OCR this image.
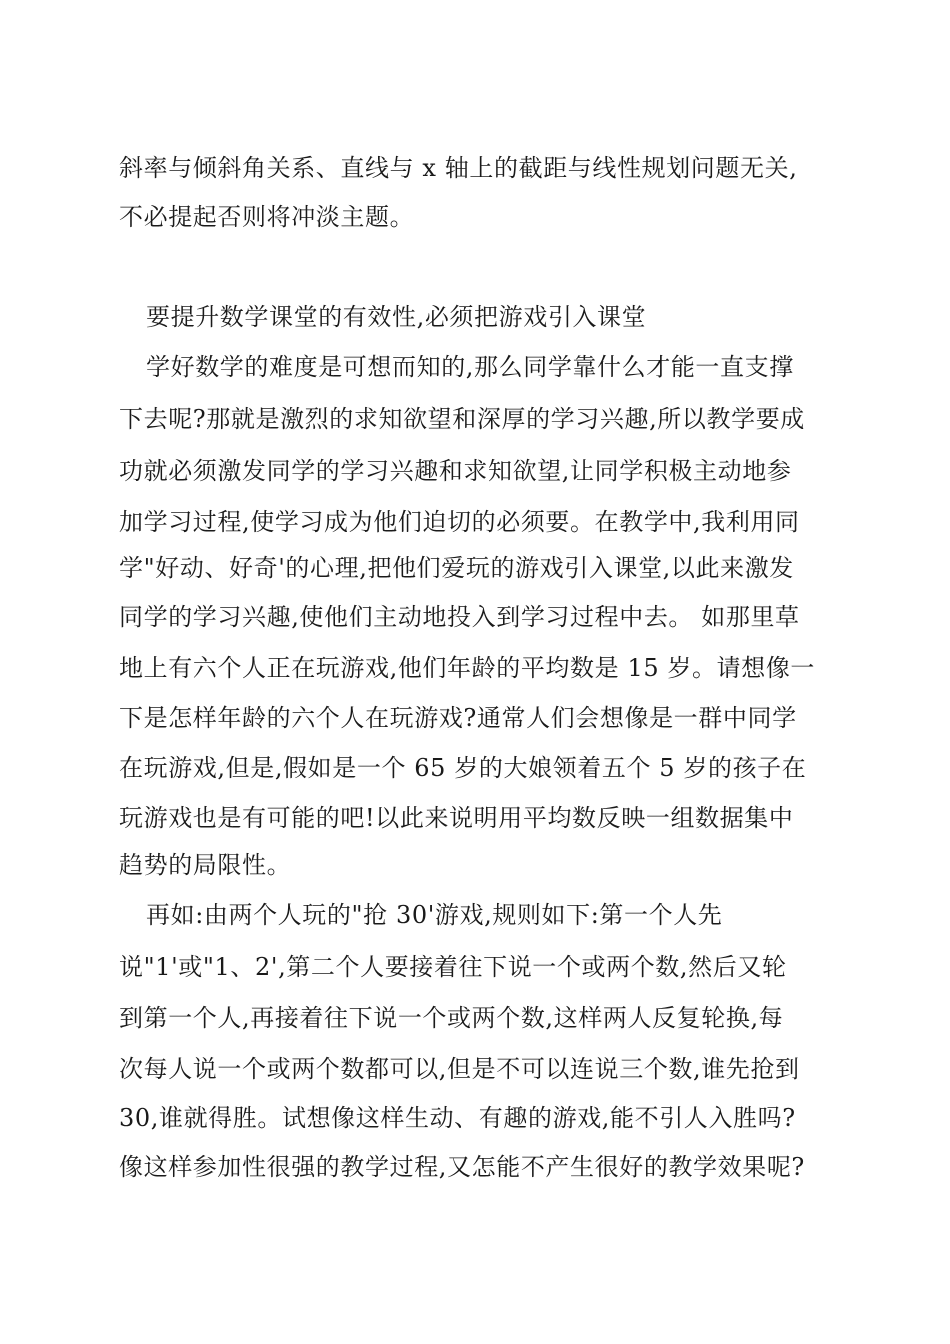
斜率与倾斜角关系、直线与 x 轴上的截距与线性规划问题无关,
不必提起否则将冲淡主题。
要提升数学课堂的有效性,必须把游戏引入课堂
学好数学的难度是可想而知的,那么同学靠什么才能一直支撑
下去呢?那就是激烈的求知欲望和深厚的学习兴趣,所以教学要成
功就必须激发同学的学习兴趣和求知欲望,让同学积极主动地参
加学习过程,使学习成为他们迫切的必须要。在教学中,我利用同
学"好动、好奇'的心理,把他们爱玩的游戏引入课堂,以此来激发
同学的学习兴趣,使他们主动地投入到学习过程中去。 如那里草
地上有六个人正在玩游戏,他们年龄的平均数是 15 岁。请想像一
下是怎样年龄的六个人在玩游戏?通常人们会想像是一群中同学
在玩游戏,但是,假如是一个 65 岁的大娘领着五个 5 岁的孩子在
玩游戏也是有可能的吧!以此来说明用平均数反映一组数据集中
趋势的局限性。
再如:由两个人玩的"抢 30'游戏,规则如下:第一个人先
说"1'或"1、2',第二个人要接着往下说一个或两个数,然后又轮
到第一个人,再接着往下说一个或两个数,这样两人反复轮换,每
次每人说一个或两个数都可以,但是不可以连说三个数,谁先抢到
30,谁就得胜。试想像这样生动、有趣的游戏,能不引人入胜吗?
像这样参加性很强的教学过程,又怎能不产生很好的教学效果呢?
